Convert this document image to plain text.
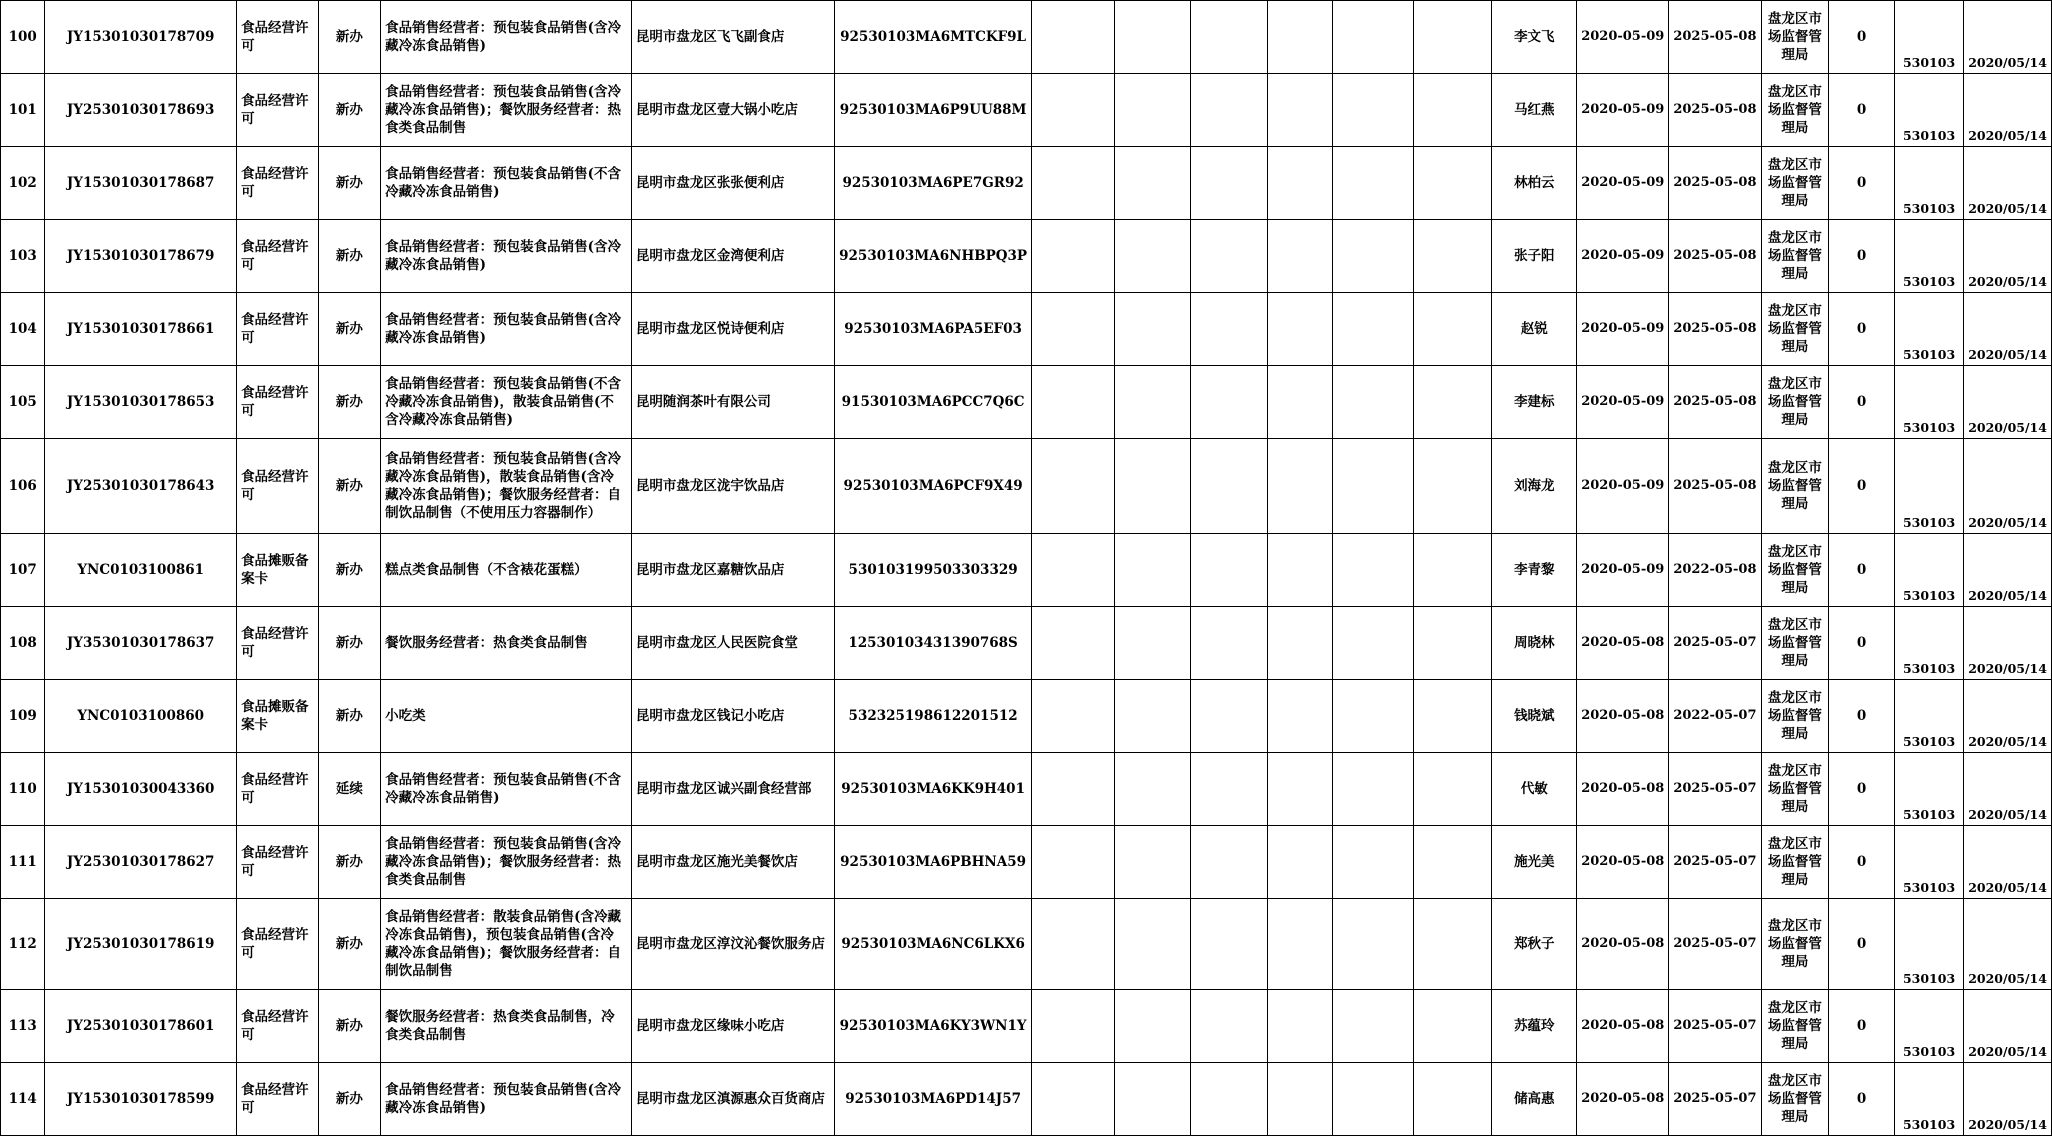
100	JY15301030178709	食品经营许可	新办	食品销售经营者：预包装食品销售(含冷藏冷冻食品销售)	昆明市盘龙区飞飞副食店	92530103MA6MTCKF9L							李文飞	2020-05-09	2025-05-08	盘龙区市场监督管理局	0	530103	2020/05/14
101	JY25301030178693	食品经营许可	新办	食品销售经营者：预包装食品销售(含冷藏冷冻食品销售)；餐饮服务经营者：热食类食品制售	昆明市盘龙区壹大锅小吃店	92530103MA6P9UU88M							马红燕	2020-05-09	2025-05-08	盘龙区市场监督管理局	0	530103	2020/05/14
102	JY15301030178687	食品经营许可	新办	食品销售经营者：预包装食品销售(不含冷藏冷冻食品销售)	昆明市盘龙区张张便利店	92530103MA6PE7GR92							林柏云	2020-05-09	2025-05-08	盘龙区市场监督管理局	0	530103	2020/05/14
103	JY15301030178679	食品经营许可	新办	食品销售经营者：预包装食品销售(含冷藏冷冻食品销售)	昆明市盘龙区金湾便利店	92530103MA6NHBPQ3P							张子阳	2020-05-09	2025-05-08	盘龙区市场监督管理局	0	530103	2020/05/14
104	JY15301030178661	食品经营许可	新办	食品销售经营者：预包装食品销售(含冷藏冷冻食品销售)	昆明市盘龙区悦诗便利店	92530103MA6PA5EF03							赵锐	2020-05-09	2025-05-08	盘龙区市场监督管理局	0	530103	2020/05/14
105	JY15301030178653	食品经营许可	新办	食品销售经营者：预包装食品销售(不含冷藏冷冻食品销售)，散装食品销售(不含冷藏冷冻食品销售)	昆明随润茶叶有限公司	91530103MA6PCC7Q6C							李建标	2020-05-09	2025-05-08	盘龙区市场监督管理局	0	530103	2020/05/14
106	JY25301030178643	食品经营许可	新办	食品销售经营者：预包装食品销售(含冷藏冷冻食品销售)，散装食品销售(含冷藏冷冻食品销售)；餐饮服务经营者：自制饮品制售（不使用压力容器制作）	昆明市盘龙区泷宇饮品店	92530103MA6PCF9X49							刘海龙	2020-05-09	2025-05-08	盘龙区市场监督管理局	0	530103	2020/05/14
107	YNC0103100861	食品摊贩备案卡	新办	糕点类食品制售（不含裱花蛋糕）	昆明市盘龙区嘉糖饮品店	530103199503303329							李青黎	2020-05-09	2022-05-08	盘龙区市场监督管理局	0	530103	2020/05/14
108	JY35301030178637	食品经营许可	新办	餐饮服务经营者：热食类食品制售	昆明市盘龙区人民医院食堂	12530103431390768S							周晓林	2020-05-08	2025-05-07	盘龙区市场监督管理局	0	530103	2020/05/14
109	YNC0103100860	食品摊贩备案卡	新办	小吃类	昆明市盘龙区钱记小吃店	532325198612201512							钱晓斌	2020-05-08	2022-05-07	盘龙区市场监督管理局	0	530103	2020/05/14
110	JY15301030043360	食品经营许可	延续	食品销售经营者：预包装食品销售(不含冷藏冷冻食品销售)	昆明市盘龙区诚兴副食经营部	92530103MA6KK9H401							代敏	2020-05-08	2025-05-07	盘龙区市场监督管理局	0	530103	2020/05/14
111	JY25301030178627	食品经营许可	新办	食品销售经营者：预包装食品销售(含冷藏冷冻食品销售)；餐饮服务经营者：热食类食品制售	昆明市盘龙区施光美餐饮店	92530103MA6PBHNA59							施光美	2020-05-08	2025-05-07	盘龙区市场监督管理局	0	530103	2020/05/14
112	JY25301030178619	食品经营许可	新办	食品销售经营者：散装食品销售(含冷藏冷冻食品销售)，预包装食品销售(含冷藏冷冻食品销售)；餐饮服务经营者：自制饮品制售	昆明市盘龙区淳汶沁餐饮服务店	92530103MA6NC6LKX6							郑秋子	2020-05-08	2025-05-07	盘龙区市场监督管理局	0	530103	2020/05/14
113	JY25301030178601	食品经营许可	新办	餐饮服务经营者：热食类食品制售，冷食类食品制售	昆明市盘龙区缘味小吃店	92530103MA6KY3WN1Y							苏蕴玲	2020-05-08	2025-05-07	盘龙区市场监督管理局	0	530103	2020/05/14
114	JY15301030178599	食品经营许可	新办	食品销售经营者：预包装食品销售(含冷藏冷冻食品销售)	昆明市盘龙区滇源惠众百货商店	92530103MA6PD14J57							储高惠	2020-05-08	2025-05-07	盘龙区市场监督管理局	0	530103	2020/05/14
